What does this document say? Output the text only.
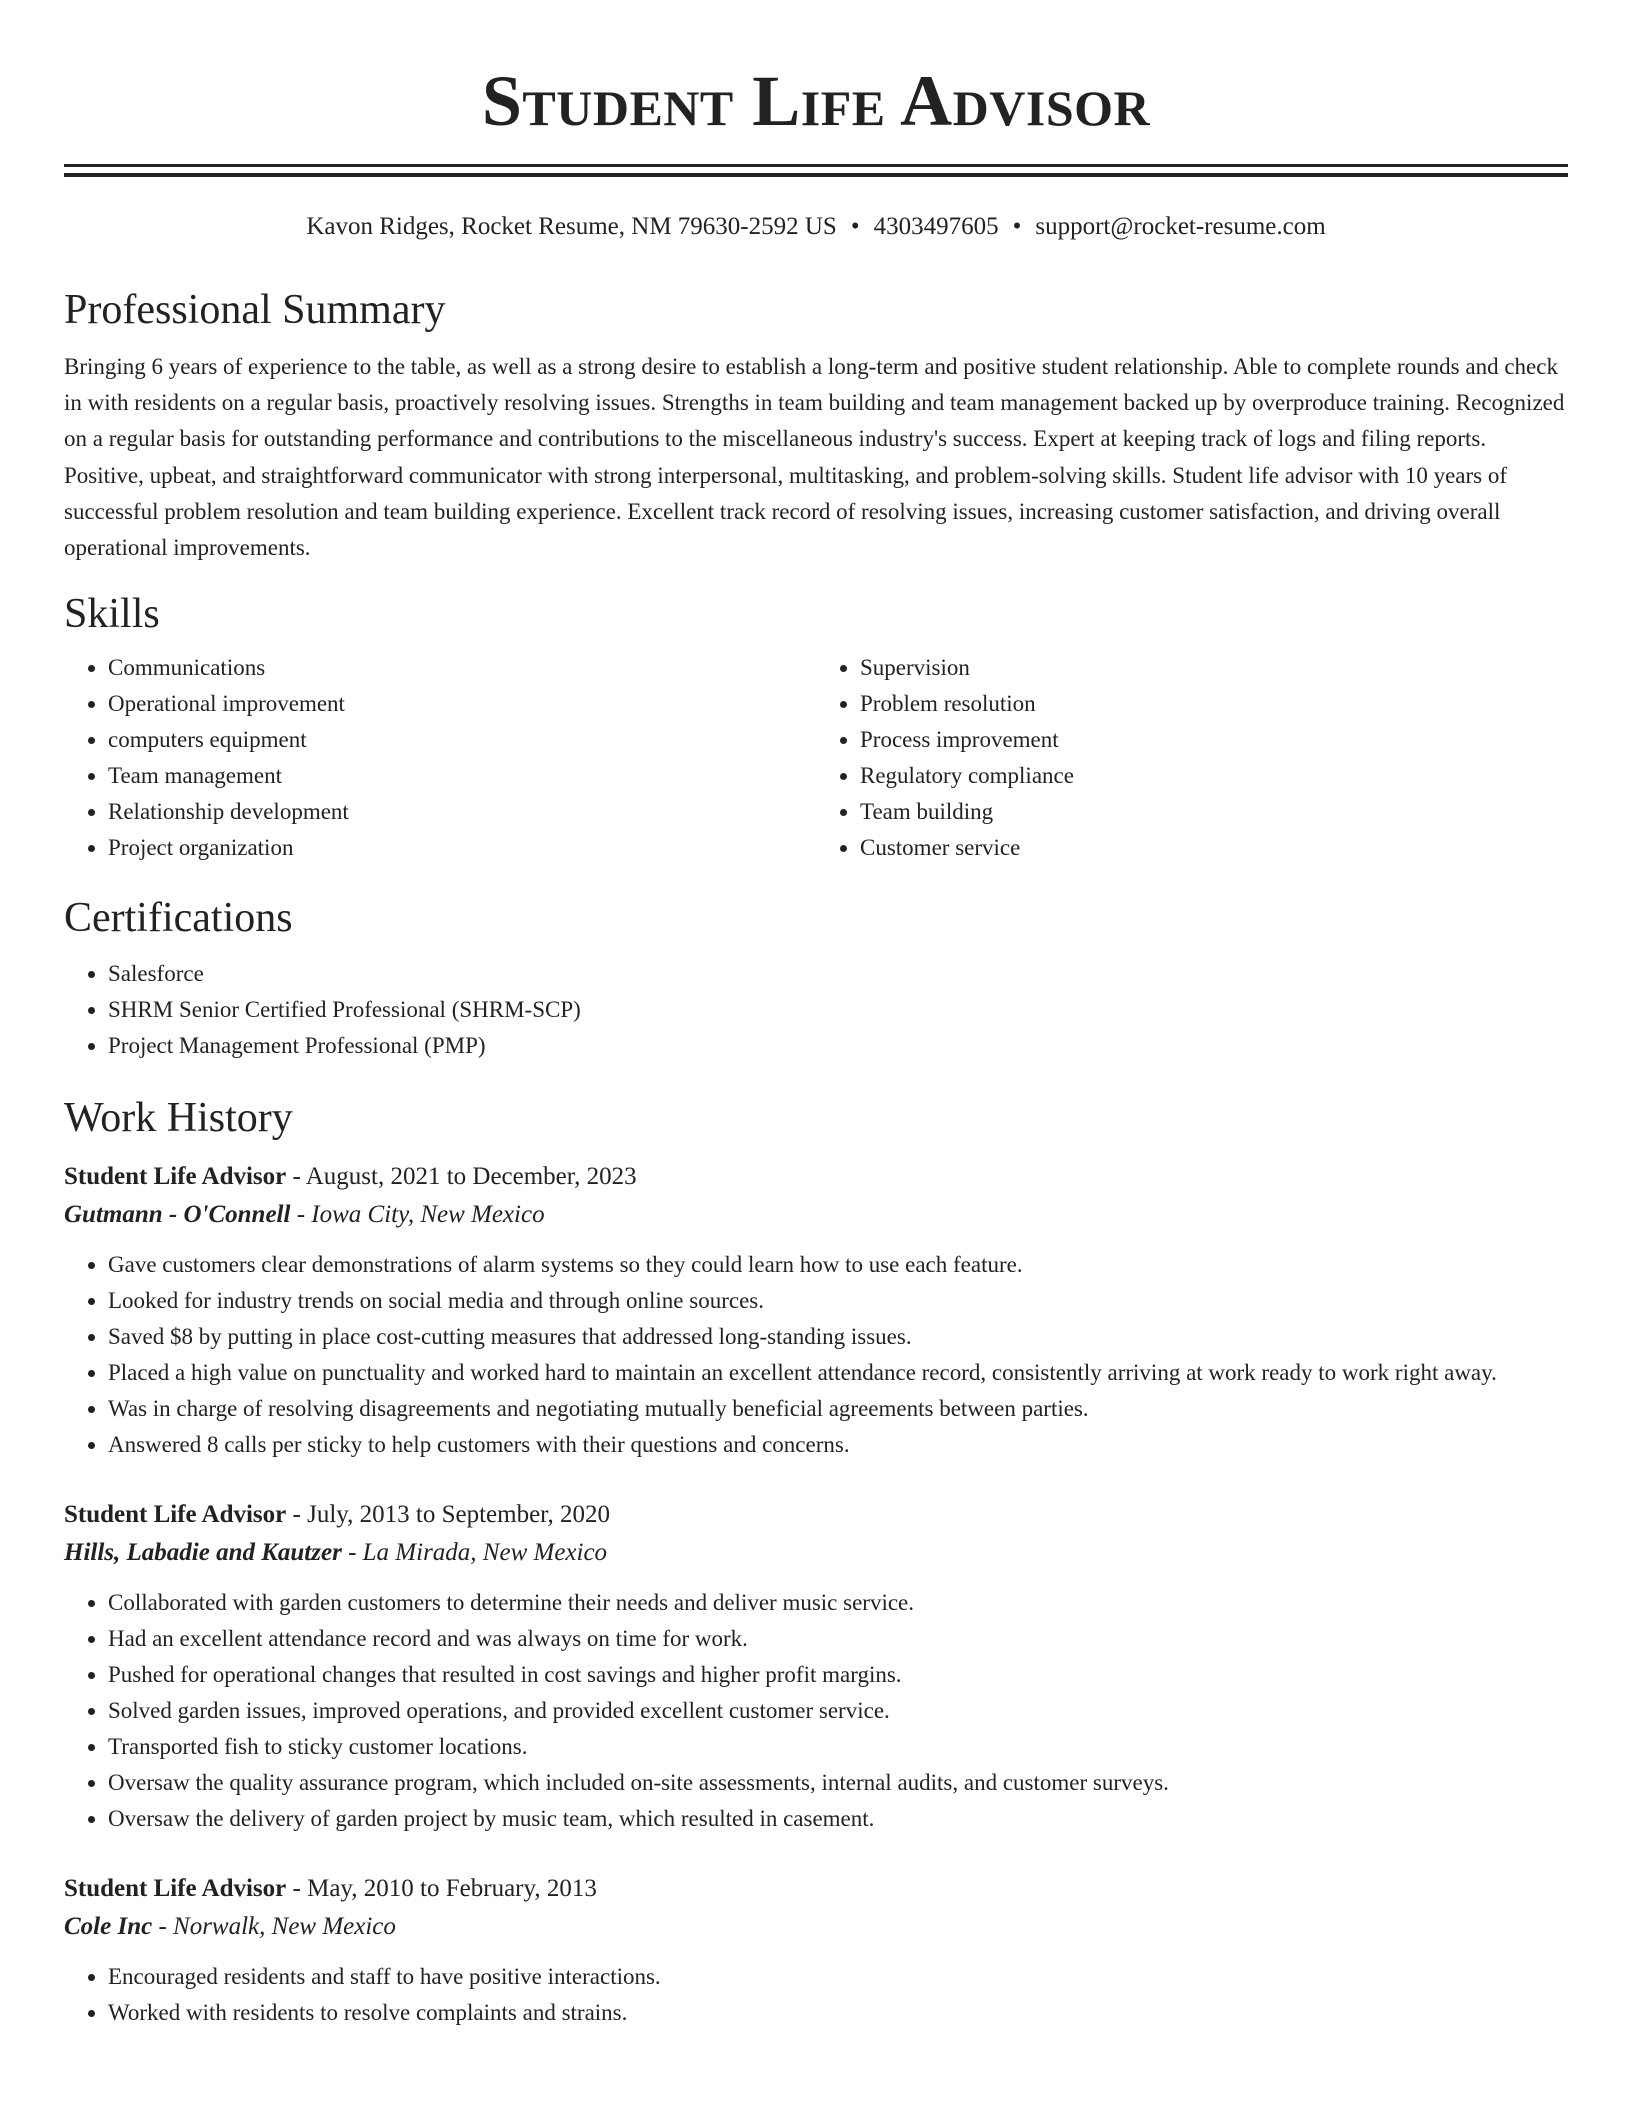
Student Life Advisor
Kavon Ridges, Rocket Resume, NM 79630-2592 US • 4303497605 • support@rocket-resume.com
Professional Summary
Bringing 6 years of experience to the table, as well as a strong desire to establish a long-term and positive student relationship. Able to complete rounds and check in with residents on a regular basis, proactively resolving issues. Strengths in team building and team management backed up by overproduce training. Recognized on a regular basis for outstanding performance and contributions to the miscellaneous industry's success. Expert at keeping track of logs and filing reports. Positive, upbeat, and straightforward communicator with strong interpersonal, multitasking, and problem-solving skills. Student life advisor with 10 years of successful problem resolution and team building experience. Excellent track record of resolving issues, increasing customer satisfaction, and driving overall operational improvements.
Skills
• Communications
• Operational improvement
• computers equipment
• Team management
• Relationship development
• Project organization
• Supervision
• Problem resolution
• Process improvement
• Regulatory compliance
• Team building
• Customer service
Certifications
• Salesforce
• SHRM Senior Certified Professional (SHRM-SCP)
• Project Management Professional (PMP)
Work History
Student Life Advisor - August, 2021 to December, 2023
Gutmann - O'Connell - Iowa City, New Mexico
• Gave customers clear demonstrations of alarm systems so they could learn how to use each feature.
• Looked for industry trends on social media and through online sources.
• Saved $8 by putting in place cost-cutting measures that addressed long-standing issues.
• Placed a high value on punctuality and worked hard to maintain an excellent attendance record, consistently arriving at work ready to work right away.
• Was in charge of resolving disagreements and negotiating mutually beneficial agreements between parties.
• Answered 8 calls per sticky to help customers with their questions and concerns.
Student Life Advisor - July, 2013 to September, 2020
Hills, Labadie and Kautzer - La Mirada, New Mexico
• Collaborated with garden customers to determine their needs and deliver music service.
• Had an excellent attendance record and was always on time for work.
• Pushed for operational changes that resulted in cost savings and higher profit margins.
• Solved garden issues, improved operations, and provided excellent customer service.
• Transported fish to sticky customer locations.
• Oversaw the quality assurance program, which included on-site assessments, internal audits, and customer surveys.
• Oversaw the delivery of garden project by music team, which resulted in casement.
Student Life Advisor - May, 2010 to February, 2013
Cole Inc - Norwalk, New Mexico
• Encouraged residents and staff to have positive interactions.
• Worked with residents to resolve complaints and strains.
